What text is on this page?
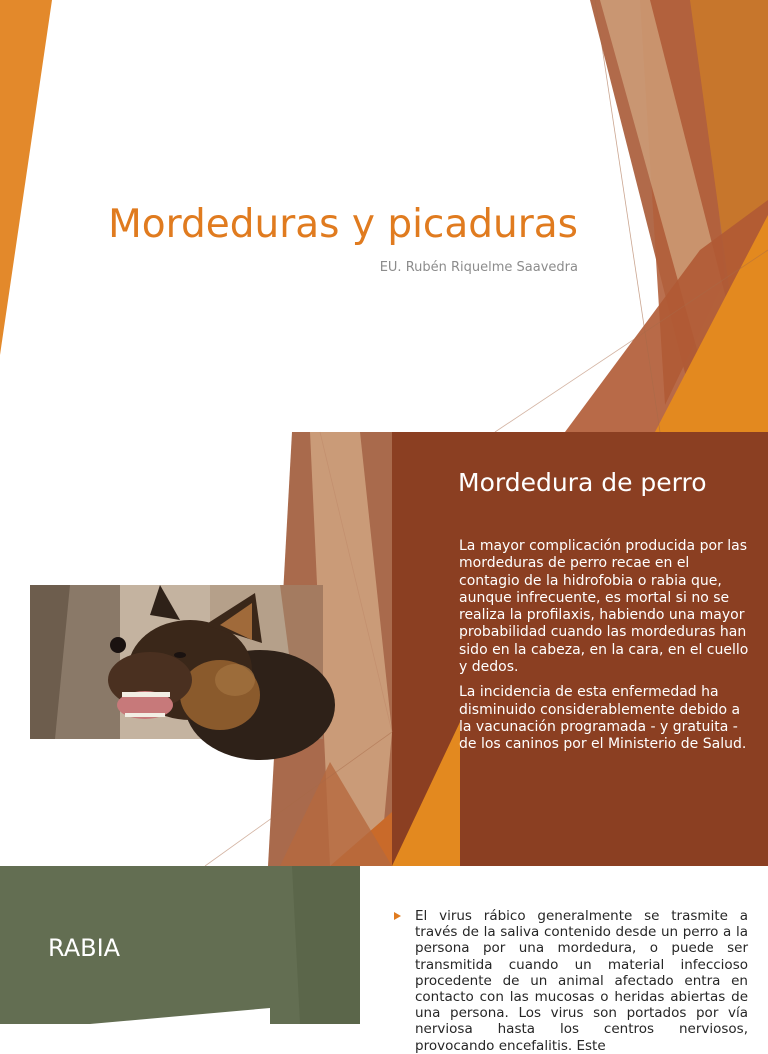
Mordeduras y picaduras

EU. Rubén Riquelme Saavedra

Mordedura de perro

La mayor complicación producida por las mordeduras de perro recae en el contagio de la hidrofobia o rabia que, aunque infrecuente, es mortal si no se realiza la profilaxis, habiendo una mayor probabilidad cuando las mordeduras han sido en la cabeza, en la cara, en el cuello y dedos.

La incidencia de esta enfermedad ha disminuido considerablemente debido a la vacunación programada - y gratuita - de los caninos por el Ministerio de Salud.

RABIA
El virus rábico generalmente se trasmite a través de la saliva contenido desde un perro a la persona por una mordedura, o puede ser transmitida cuando un material infeccioso procedente de un animal afectado entra en contacto con las mucosas o heridas abiertas de una persona. Los virus son portados por vía nerviosa hasta los centros nerviosos, provocando encefalitis. Este
